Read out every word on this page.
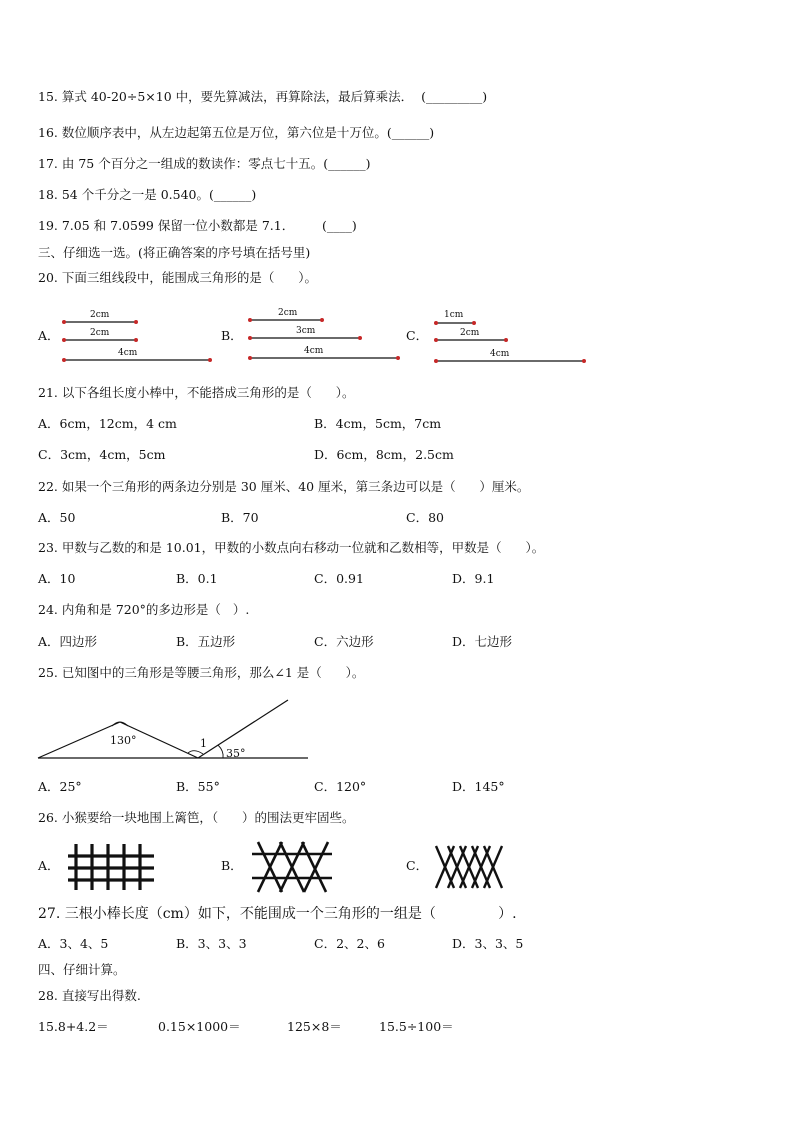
15. 算式 40-20÷5×10 中，要先算减法，再算除法，最后算乘法．  (_________)
16. 数位顺序表中，从左边起第五位是万位，第六位是十万位。(______)
17. 由 75 个百分之一组成的数读作：零点七十五。(______)
18. 54 个千分之一是 0.540。(______)
19. 7.05 和 7.0599 保留一位小数都是 7.1．       (____)
三、仔细选一选。(将正确答案的序号填在括号里)
20. 下面三组线段中，能围成三角形的是（      ）。
A．
2cm
2cm
4cm
B．
2cm
3cm
4cm
C．
1cm
2cm
4cm
21. 以下各组长度小棒中，不能搭成三角形的是（      ）。
A．6cm，12cm，4 cm	B．4cm，5cm，7cm
C．3cm，4cm，5cm	D．6cm，8cm，2.5cm
22. 如果一个三角形的两条边分别是 30 厘米、40 厘米，第三条边可以是（      ）厘米。
A．50	B．70	C．80
23. 甲数与乙数的和是 10.01，甲数的小数点向右移动一位就和乙数相等，甲数是（      ）。
A．10	B．0.1	C．0.91	D．9.1
24. 内角和是 720°的多边形是（   ）.
A．四边形	B．五边形	C．六边形	D．七边形
25. 已知图中的三角形是等腰三角形，那么∠1 是（      ）。
130°	1
35°
A．25°	B．55°	C．120°	D．145°
26. 小猴要给一块地围上篱笆，（      ）的围法更牢固些。
A．	B．	C．
27. 三根小棒长度（cm）如下，不能围成一个三角形的一组是（              ）.
A．3、4、5	B．3、3、3	C．2、2、6	D．3、3、5
四、仔细计算。
28. 直接写出得数.
15.8+4.2＝	0.15×1000＝	125×8＝	15.5÷100＝
